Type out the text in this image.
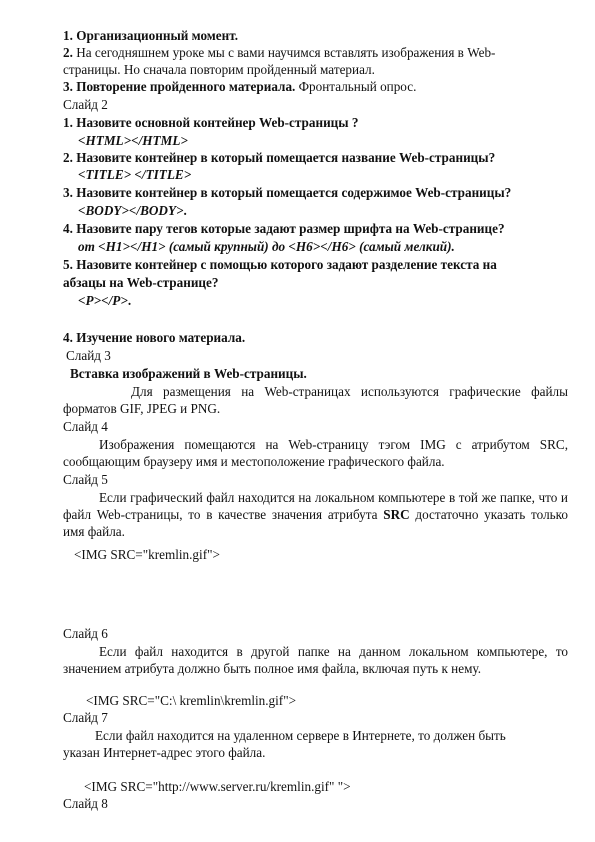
1. Организационный момент.
2. На сегодняшнем уроке мы с вами научимся вставлять изображения в Web-
страницы. Но сначала повторим пройденный материал.
3. Повторение пройденного материала. Фронтальный опрос.
Слайд 2
1. Назовите основной контейнер Web-страницы ?
<HTML></HTML>
2. Назовите контейнер в который помещается название Web-страницы?
<TITLE> </TITLE>
3. Назовите контейнер в который помещается содержимое Web-страницы?
<BODY></BODY>.
4. Назовите пару тегов которые задают размер шрифта на Web-странице?
от <H1></H1> (самый крупный) до <H6></H6> (самый мелкий).
5. Назовите контейнер с помощью которого задают разделение текста на
абзацы на Web-странице?
<P></P>.
4. Изучение нового материала.
Слайд 3
Вставка изображений в Web-страницы.
Для размещения на Web-страницах используются графические файлы форматов GIF, JPEG и PNG.
Слайд 4
Изображения помещаются на Web-страницу тэгом IMG с атрибутом SRC, сообщающим браузеру имя и местоположение графического файла.
Слайд 5
Если графический файл находится на локальном компьютере в той же папке, что и файл Web-страницы, то в качестве значения атрибута SRC достаточно указать только имя файла.
<IMG SRC="kremlin.gif">
Слайд 6
Если файл находится в другой папке на данном локальном компьютере, то значением атрибута должно быть полное имя файла, включая путь к нему.
<IMG SRC="C:\ kremlin\kremlin.gif">
Слайд 7
Если файл находится на удаленном сервере в Интернете, то должен быть
указан Интернет-адрес этого файла.
<IMG SRC="http://www.server.ru/kremlin.gif" ">
Слайд 8
